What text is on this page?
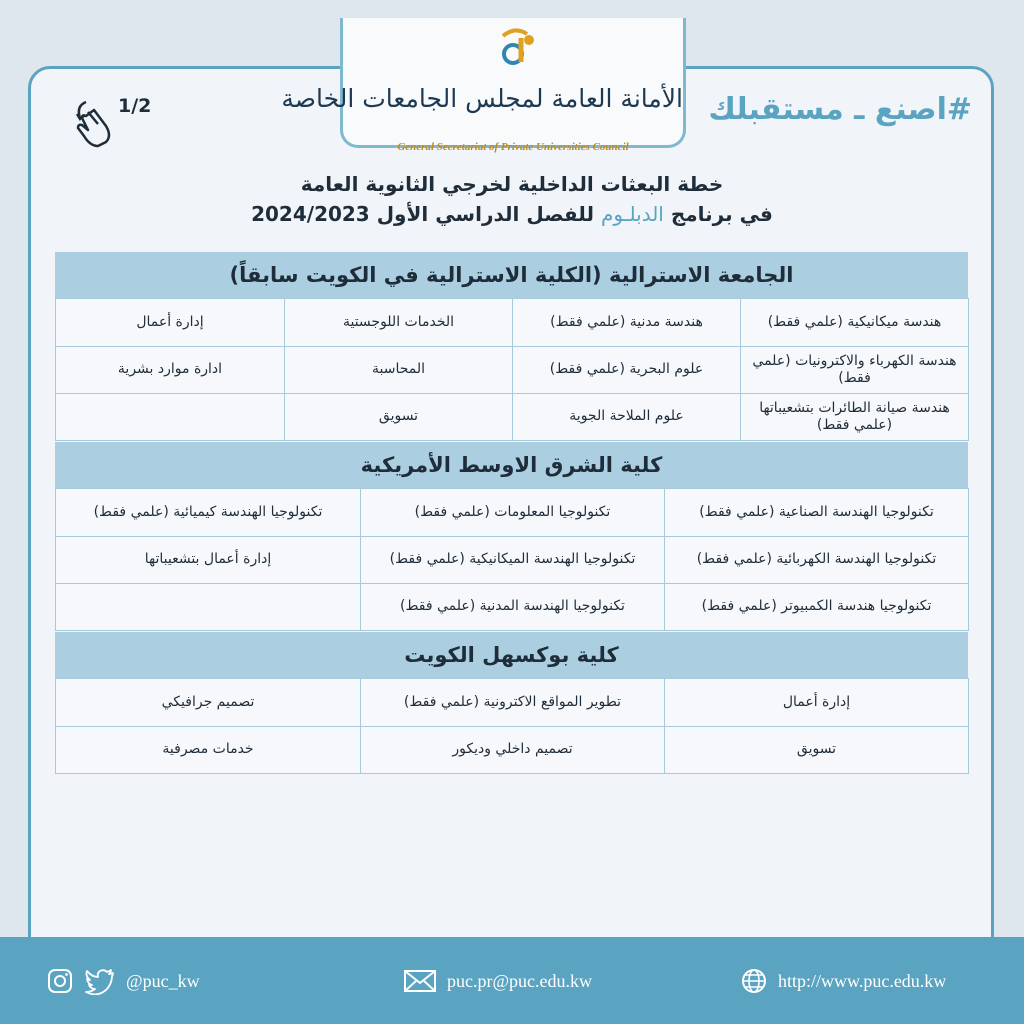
الأمانة العامة لمجلس الجامعات الخاصة
General Secretariat of Private Universities Council
#اصنع ـ مستقبلك
1/2
خطة البعثات الداخلية لخرجي الثانوية العامة
في برنامج الدبلـوم للفصل الدراسي الأول 2024/2023
الجامعة الاسترالية (الكلية الاسترالية في الكويت سابقاً)
هندسة ميكانيكية (علمي فقط)	هندسة مدنية (علمي فقط)	الخدمات اللوجستية	إدارة أعمال
هندسة الكهرباء والاكترونيات (علمي فقط)	علوم البحرية (علمي فقط)	المحاسبة	ادارة موارد بشرية
هندسة صيانة الطائرات بتشعيباتها (علمي فقط)	علوم الملاحة الجوية	تسويق	
كلية الشرق الاوسط الأمريكية
تكنولوجيا الهندسة الصناعية (علمي فقط)	تكنولوجيا المعلومات (علمي فقط)	تكنولوجيا الهندسة كيميائية (علمي فقط)
تكنولوجيا الهندسة الكهربائية (علمي فقط)	تكنولوجيا الهندسة الميكانيكية (علمي فقط)	إدارة أعمال بتشعيباتها
تكنولوجيا هندسة الكمبيوتر (علمي فقط)	تكنولوجيا الهندسة المدنية (علمي فقط)	
كلية بوكسهل الكويت
إدارة أعمال	تطوير المواقع الاكترونية (علمي فقط)	تصميم جرافيكي
تسويق	تصميم داخلي وديكور	خدمات مصرفية
@puc_kw	puc.pr@puc.edu.kw	http://www.puc.edu.kw
